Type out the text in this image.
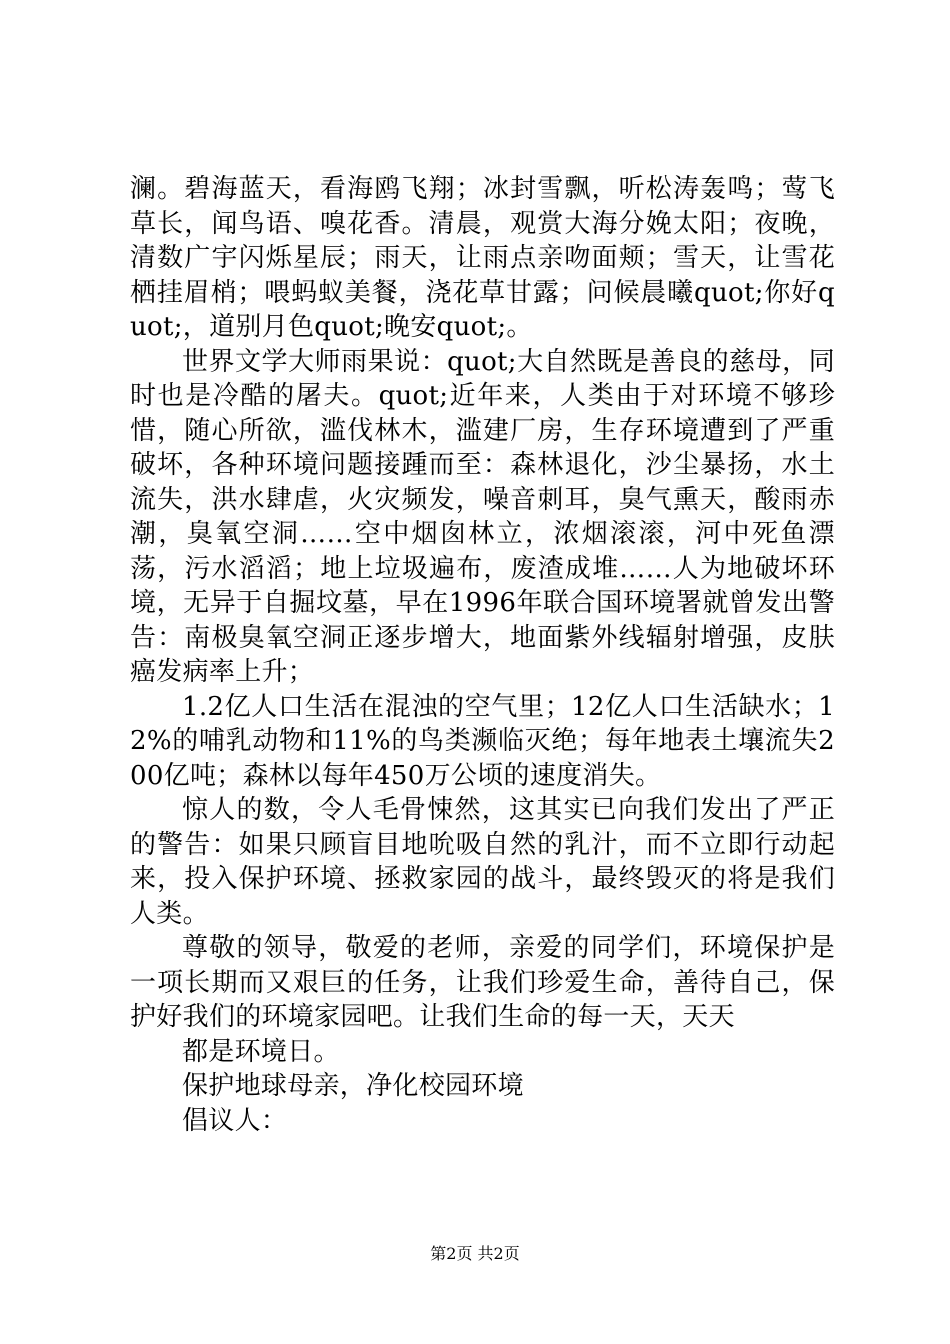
澜。碧海蓝天，看海鸥飞翔；冰封雪飘，听松涛轰鸣；莺飞草长，闻鸟语、嗅花香。清晨，观赏大海分娩太阳；夜晚，清数广宇闪烁星辰；雨天，让雨点亲吻面颊；雪天，让雪花栖挂眉梢；喂蚂蚁美餐，浇花草甘露；问候晨曦quot;你好quot;，道别月色quot;晚安quot;。

世界文学大师雨果说：quot;大自然既是善良的慈母，同时也是冷酷的屠夫。quot;近年来，人类由于对环境不够珍惜，随心所欲，滥伐林木，滥建厂房，生存环境遭到了严重破坏，各种环境问题接踵而至：森林退化，沙尘暴扬，水土流失，洪水肆虐，火灾频发，噪音刺耳，臭气熏天，酸雨赤潮，臭氧空洞……空中烟囱林立，浓烟滚滚，河中死鱼漂荡，污水滔滔；地上垃圾遍布，废渣成堆……人为地破坏环境，无异于自掘坟墓，早在1996年联合国环境署就曾发出警告：南极臭氧空洞正逐步增大，地面紫外线辐射增强，皮肤癌发病率上升；

1.2亿人口生活在混浊的空气里；12亿人口生活缺水；12%的哺乳动物和11%的鸟类濒临灭绝；每年地表土壤流失200亿吨；森林以每年450万公顷的速度消失。

惊人的数，令人毛骨悚然，这其实已向我们发出了严正的警告：如果只顾盲目地吮吸自然的乳汁，而不立即行动起来，投入保护环境、拯救家园的战斗，最终毁灭的将是我们人类。

尊敬的领导，敬爱的老师，亲爱的同学们，环境保护是一项长期而又艰巨的任务，让我们珍爱生命，善待自己，保护好我们的环境家园吧。让我们生命的每一天，天天

都是环境日。

保护地球母亲，净化校园环境

倡议人：

第2页 共2页
